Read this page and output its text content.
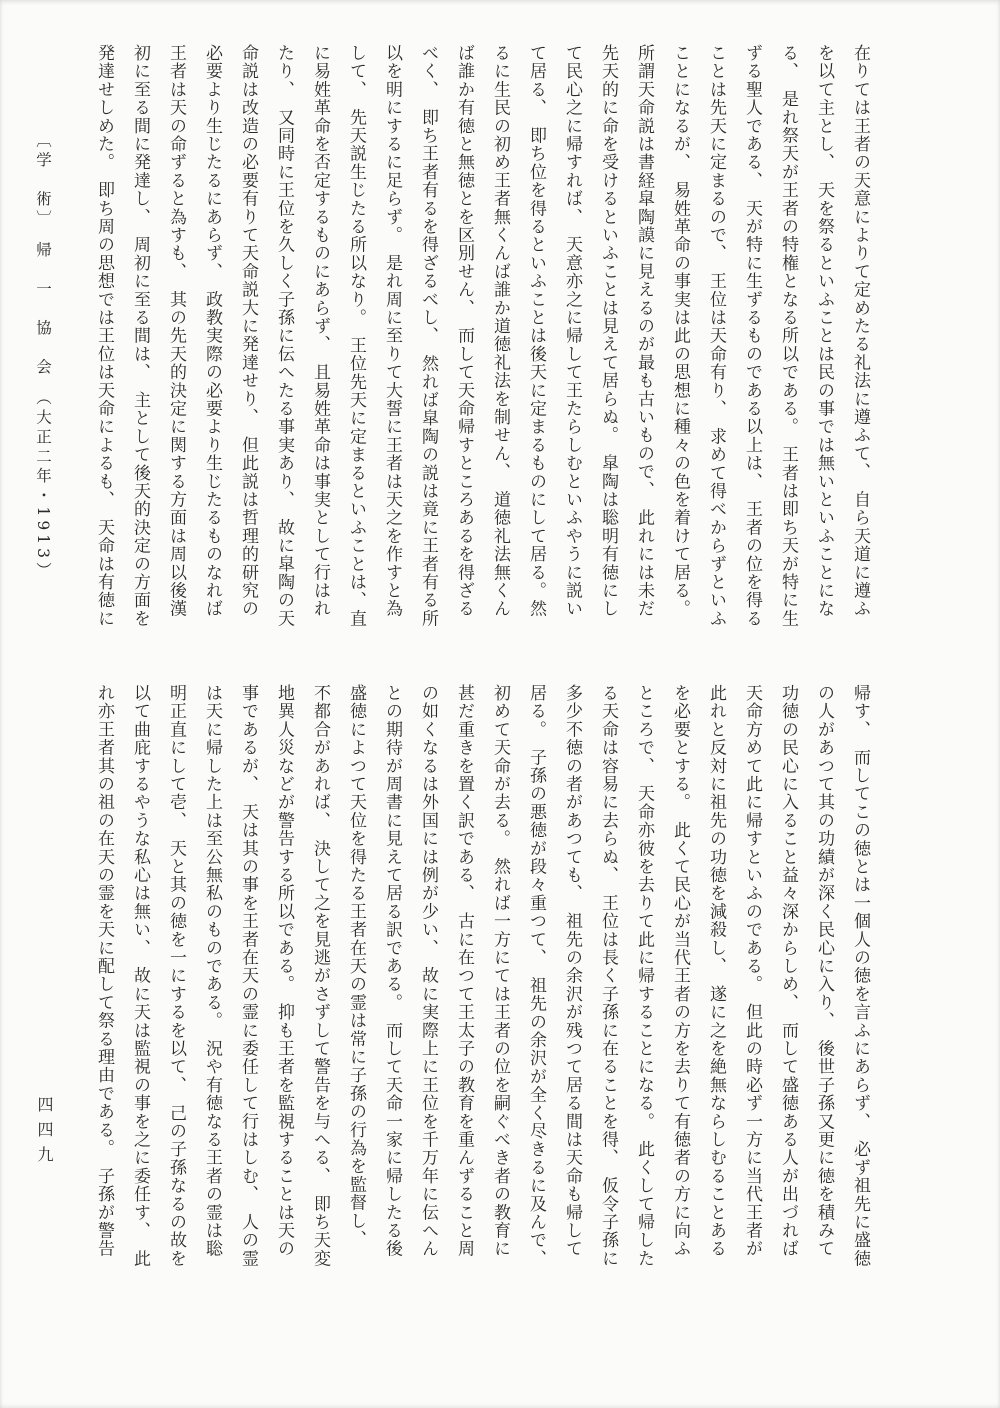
〔学　術〕　帰　一　協　会　（大正二年・1913）	在りては王者の天意によりて定めたる礼法に遵ふて、　自ら天道に遵ふ
を以て主とし、　天を祭るといふことは民の事では無いといふことにな
る、　是れ祭天が王者の特権となる所以である。　王者は即ち天が特に生
ずる聖人である、　天が特に生ずるものである以上は、　王者の位を得る
ことは先天に定まるので、　王位は天命有り、　求めて得べからずといふ
ことになるが、　易姓革命の事実は此の思想に種々の色を着けて居る。
所謂天命説は書経皐陶謨に見えるのが最も古いもので、　此れには未だ
先天的に命を受けるといふことは見えて居らぬ。　皐陶は聡明有徳にし
て民心之に帰すれば、　天意亦之に帰して王たらしむといふやうに説い
て居る、　即ち位を得るといふことは後天に定まるものにして居る。然
るに生民の初め王者無くんば誰か道徳礼法を制せん、　道徳礼法無くん
ば誰か有徳と無徳とを区別せん、　而して天命帰すところあるを得ざる
べく、　即ち王者有るを得ざるべし、　然れば皐陶の説は竟に王者有る所
以を明にするに足らず。　是れ周に至りて大誓に王者は天之を作すと為
して、　先天説生じたる所以なり。　王位先天に定まるといふことは、直
に易姓革命を否定するものにあらず、　且易姓革命は事実として行はれ
たり、　又同時に王位を久しく子孫に伝へたる事実あり、　故に皐陶の天
命説は改造の必要有りて天命説大に発達せり、　但此説は哲理的研究の
必要より生じたるにあらず、　政教実際の必要より生じたるものなれば
王者は天の命ずると為すも、　其の先天的決定に関する方面は周以後漢
初に至る間に発達し、　周初に至る間は、　主として後天的決定の方面を
発達せしめた。　即ち周の思想では王位は天命によるも、　天命は有徳に
帰す、　而してこの徳とは一個人の徳を言ふにあらず、　必ず祖先に盛徳
の人があつて其の功績が深く民心に入り、　後世子孫又更に徳を積みて
功徳の民心に入ること益々深からしめ、　而して盛徳ある人が出づれば
天命方めて此に帰すといふのである。　但此の時必ず一方に当代王者が
此れと反対に祖先の功徳を減殺し、　遂に之を絶無ならしむることある
を必要とする。　此くて民心が当代王者の方を去りて有徳者の方に向ふ
ところで、　天命亦彼を去りて此に帰することになる。　此くして帰した
る天命は容易に去らぬ、　王位は長く子孫に在ることを得、　仮令子孫に
多少不徳の者があつても、　祖先の余沢が残つて居る間は天命も帰して
居る。　子孫の悪徳が段々重つて、　祖先の余沢が全く尽きるに及んで、
初めて天命が去る。　然れば一方にては王者の位を嗣ぐべき者の教育に
甚だ重きを置く訳である、　古に在つて王太子の教育を重んずること周
の如くなるは外国には例が少い、　故に実際上に王位を千万年に伝へん
との期待が周書に見えて居る訳である。　而して天命一家に帰したる後
盛徳によつて天位を得たる王者在天の霊は常に子孫の行為を監督し、
不都合があれば、　決して之を見逃がさずして警告を与へる、　即ち天変
地異人災などが警告する所以である。　抑も王者を監視することは天の
事であるが、　天は其の事を王者在天の霊に委任して行はしむ、　人の霊
は天に帰した上は至公無私のものである。　況や有徳なる王者の霊は聡
明正直にして壱、　天と其の徳を一にするを以て、　己の子孫なるの故を
以て曲庇するやうな私心は無い、　故に天は監視の事を之に委任す、　此
れ亦王者其の祖の在天の霊を天に配して祭る理由である。　子孫が警告
四四九
